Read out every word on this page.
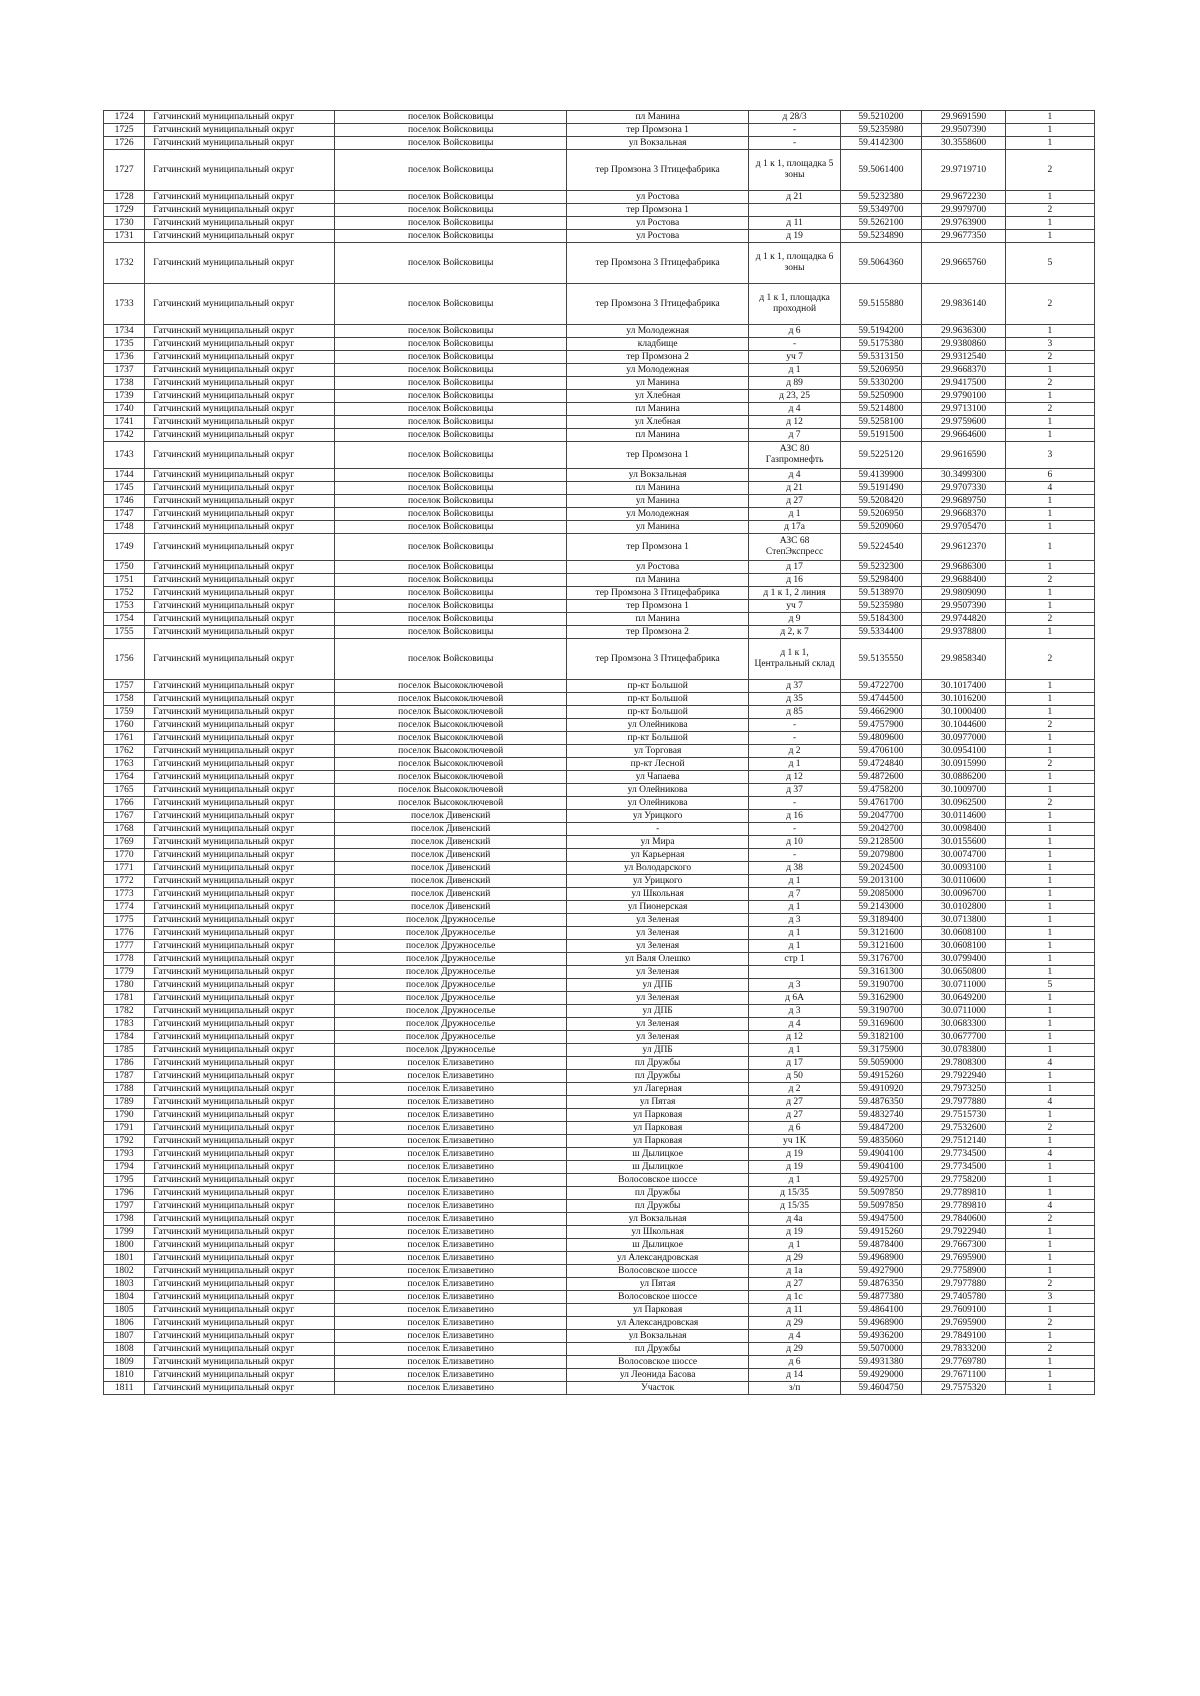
1724	Гатчинский муниципальный округ	поселок Войсковицы	пл Манина	д 28/3	59.5210200	29.9691590	1
1725	Гатчинский муниципальный округ	поселок Войсковицы	тер Промзона 1	-	59.5235980	29.9507390	1
1726	Гатчинский муниципальный округ	поселок Войсковицы	ул Вокзальная	-	59.4142300	30.3558600	1
1727	Гатчинский муниципальный округ	поселок Войсковицы	тер Промзона 3 Птицефабрика	д 1 к 1, площадка 5 зоны	59.5061400	29.9719710	2
1728	Гатчинский муниципальный округ	поселок Войсковицы	ул Ростова	д 21	59.5232380	29.9672230	1
1729	Гатчинский муниципальный округ	поселок Войсковицы	тер Промзона 1		59.5349700	29.9979700	2
1730	Гатчинский муниципальный округ	поселок Войсковицы	ул Ростова	д 11	59.5262100	29.9763900	1
1731	Гатчинский муниципальный округ	поселок Войсковицы	ул Ростова	д 19	59.5234890	29.9677350	1
1732	Гатчинский муниципальный округ	поселок Войсковицы	тер Промзона 3 Птицефабрика	д 1 к 1, площадка 6 зоны	59.5064360	29.9665760	5
1733	Гатчинский муниципальный округ	поселок Войсковицы	тер Промзона 3 Птицефабрика	д 1 к 1, площадка проходной	59.5155880	29.9836140	2
1734	Гатчинский муниципальный округ	поселок Войсковицы	ул Молодежная	д 6	59.5194200	29.9636300	1
1735	Гатчинский муниципальный округ	поселок Войсковицы	кладбище	-	59.5175380	29.9380860	3
1736	Гатчинский муниципальный округ	поселок Войсковицы	тер Промзона 2	уч 7	59.5313150	29.9312540	2
1737	Гатчинский муниципальный округ	поселок Войсковицы	ул Молодежная	д 1	59.5206950	29.9668370	1
1738	Гатчинский муниципальный округ	поселок Войсковицы	ул Манина	д 89	59.5330200	29.9417500	2
1739	Гатчинский муниципальный округ	поселок Войсковицы	ул Хлебная	д 23, 25	59.5250900	29.9790100	1
1740	Гатчинский муниципальный округ	поселок Войсковицы	пл Манина	д 4	59.5214800	29.9713100	2
1741	Гатчинский муниципальный округ	поселок Войсковицы	ул Хлебная	д 12	59.5258100	29.9759600	1
1742	Гатчинский муниципальный округ	поселок Войсковицы	пл Манина	д 7	59.5191500	29.9664600	1
1743	Гатчинский муниципальный округ	поселок Войсковицы	тер Промзона 1	АЗС 80 Газпромнефть	59.5225120	29.9616590	3
1744	Гатчинский муниципальный округ	поселок Войсковицы	ул Вокзальная	д 4	59.4139900	30.3499300	6
1745	Гатчинский муниципальный округ	поселок Войсковицы	пл Манина	д 21	59.5191490	29.9707330	4
1746	Гатчинский муниципальный округ	поселок Войсковицы	ул Манина	д 27	59.5208420	29.9689750	1
1747	Гатчинский муниципальный округ	поселок Войсковицы	ул Молодежная	д 1	59.5206950	29.9668370	1
1748	Гатчинский муниципальный округ	поселок Войсковицы	ул Манина	д 17а	59.5209060	29.9705470	1
1749	Гатчинский муниципальный округ	поселок Войсковицы	тер Промзона 1	АЗС 68 СтепЭкспресс	59.5224540	29.9612370	1
1750	Гатчинский муниципальный округ	поселок Войсковицы	ул Ростова	д 17	59.5232300	29.9686300	1
1751	Гатчинский муниципальный округ	поселок Войсковицы	пл Манина	д 16	59.5298400	29.9688400	2
1752	Гатчинский муниципальный округ	поселок Войсковицы	тер Промзона 3 Птицефабрика	д 1 к 1, 2 линия	59.5138970	29.9809090	1
1753	Гатчинский муниципальный округ	поселок Войсковицы	тер Промзона 1	уч 7	59.5235980	29.9507390	1
1754	Гатчинский муниципальный округ	поселок Войсковицы	пл Манина	д 9	59.5184300	29.9744820	2
1755	Гатчинский муниципальный округ	поселок Войсковицы	тер Промзона 2	д 2, к 7	59.5334400	29.9378800	1
1756	Гатчинский муниципальный округ	поселок Войсковицы	тер Промзона 3 Птицефабрика	д 1 к 1, Центральный склад	59.5135550	29.9858340	2
1757	Гатчинский муниципальный округ	поселок Высокоключевой	пр-кт Большой	д 37	59.4722700	30.1017400	1
1758	Гатчинский муниципальный округ	поселок Высокоключевой	пр-кт Большой	д 35	59.4744500	30.1016200	1
1759	Гатчинский муниципальный округ	поселок Высокоключевой	пр-кт Большой	д 85	59.4662900	30.1000400	1
1760	Гатчинский муниципальный округ	поселок Высокоключевой	ул Олейникова	-	59.4757900	30.1044600	2
1761	Гатчинский муниципальный округ	поселок Высокоключевой	пр-кт Большой	-	59.4809600	30.0977000	1
1762	Гатчинский муниципальный округ	поселок Высокоключевой	ул Торговая	д 2	59.4706100	30.0954100	1
1763	Гатчинский муниципальный округ	поселок Высокоключевой	пр-кт Лесной	д 1	59.4724840	30.0915990	2
1764	Гатчинский муниципальный округ	поселок Высокоключевой	ул Чапаева	д 12	59.4872600	30.0886200	1
1765	Гатчинский муниципальный округ	поселок Высокоключевой	ул Олейникова	д 37	59.4758200	30.1009700	1
1766	Гатчинский муниципальный округ	поселок Высокоключевой	ул Олейникова	-	59.4761700	30.0962500	2
1767	Гатчинский муниципальный округ	поселок Дивенский	ул Урицкого	д 16	59.2047700	30.0114600	1
1768	Гатчинский муниципальный округ	поселок Дивенский	-	-	59.2042700	30.0098400	1
1769	Гатчинский муниципальный округ	поселок Дивенский	ул Мира	д 10	59.2128500	30.0155600	1
1770	Гатчинский муниципальный округ	поселок Дивенский	ул Карьерная	-	59.2079800	30.0074700	1
1771	Гатчинский муниципальный округ	поселок Дивенский	ул Володарского	д 38	59.2024500	30.0093100	1
1772	Гатчинский муниципальный округ	поселок Дивенский	ул Урицкого	д 1	59.2013100	30.0110600	1
1773	Гатчинский муниципальный округ	поселок Дивенский	ул Школьная	д 7	59.2085000	30.0096700	1
1774	Гатчинский муниципальный округ	поселок Дивенский	ул Пионерская	д 1	59.2143000	30.0102800	1
1775	Гатчинский муниципальный округ	поселок Дружноселье	ул Зеленая	д 3	59.3189400	30.0713800	1
1776	Гатчинский муниципальный округ	поселок Дружноселье	ул Зеленая	д 1	59.3121600	30.0608100	1
1777	Гатчинский муниципальный округ	поселок Дружноселье	ул Зеленая	д 1	59.3121600	30.0608100	1
1778	Гатчинский муниципальный округ	поселок Дружноселье	ул Валя Олешко	стр 1	59.3176700	30.0799400	1
1779	Гатчинский муниципальный округ	поселок Дружноселье	ул Зеленая		59.3161300	30.0650800	1
1780	Гатчинский муниципальный округ	поселок Дружноселье	ул ДПБ	д 3	59.3190700	30.0711000	5
1781	Гатчинский муниципальный округ	поселок Дружноселье	ул Зеленая	д 6А	59.3162900	30.0649200	1
1782	Гатчинский муниципальный округ	поселок Дружноселье	ул ДПБ	д 3	59.3190700	30.0711000	1
1783	Гатчинский муниципальный округ	поселок Дружноселье	ул Зеленая	д 4	59.3169600	30.0683300	1
1784	Гатчинский муниципальный округ	поселок Дружноселье	ул Зеленая	д 12	59.3182100	30.0677700	1
1785	Гатчинский муниципальный округ	поселок Дружноселье	ул ДПБ	д 1	59.3175900	30.0783800	1
1786	Гатчинский муниципальный округ	поселок Елизаветино	пл Дружбы	д 17	59.5059000	29.7808300	4
1787	Гатчинский муниципальный округ	поселок Елизаветино	пл Дружбы	д 50	59.4915260	29.7922940	1
1788	Гатчинский муниципальный округ	поселок Елизаветино	ул Лагерная	д 2	59.4910920	29.7973250	1
1789	Гатчинский муниципальный округ	поселок Елизаветино	ул Пятая	д 27	59.4876350	29.7977880	4
1790	Гатчинский муниципальный округ	поселок Елизаветино	ул Парковая	д 27	59.4832740	29.7515730	1
1791	Гатчинский муниципальный округ	поселок Елизаветино	ул Парковая	д 6	59.4847200	29.7532600	2
1792	Гатчинский муниципальный округ	поселок Елизаветино	ул Парковая	уч 1К	59.4835060	29.7512140	1
1793	Гатчинский муниципальный округ	поселок Елизаветино	ш Дылицкое	д 19	59.4904100	29.7734500	4
1794	Гатчинский муниципальный округ	поселок Елизаветино	ш Дылицкое	д 19	59.4904100	29.7734500	1
1795	Гатчинский муниципальный округ	поселок Елизаветино	Волосовское шоссе	д 1	59.4925700	29.7758200	1
1796	Гатчинский муниципальный округ	поселок Елизаветино	пл Дружбы	д 15/35	59.5097850	29.7789810	1
1797	Гатчинский муниципальный округ	поселок Елизаветино	пл Дружбы	д 15/35	59.5097850	29.7789810	4
1798	Гатчинский муниципальный округ	поселок Елизаветино	ул Вокзальная	д 4а	59.4947500	29.7840600	2
1799	Гатчинский муниципальный округ	поселок Елизаветино	ул Школьная	д 19	59.4915260	29.7922940	1
1800	Гатчинский муниципальный округ	поселок Елизаветино	ш Дылицкое	д 1	59.4878400	29.7667300	1
1801	Гатчинский муниципальный округ	поселок Елизаветино	ул Александровская	д 29	59.4968900	29.7695900	1
1802	Гатчинский муниципальный округ	поселок Елизаветино	Волосовское шоссе	д 1а	59.4927900	29.7758900	1
1803	Гатчинский муниципальный округ	поселок Елизаветино	ул Пятая	д 27	59.4876350	29.7977880	2
1804	Гатчинский муниципальный округ	поселок Елизаветино	Волосовское шоссе	д 1с	59.4877380	29.7405780	3
1805	Гатчинский муниципальный округ	поселок Елизаветино	ул Парковая	д 11	59.4864100	29.7609100	1
1806	Гатчинский муниципальный округ	поселок Елизаветино	ул Александровская	д 29	59.4968900	29.7695900	2
1807	Гатчинский муниципальный округ	поселок Елизаветино	ул Вокзальная	д 4	59.4936200	29.7849100	1
1808	Гатчинский муниципальный округ	поселок Елизаветино	пл Дружбы	д 29	59.5070000	29.7833200	2
1809	Гатчинский муниципальный округ	поселок Елизаветино	Волосовское шоссе	д 6	59.4931380	29.7769780	1
1810	Гатчинский муниципальный округ	поселок Елизаветино	ул Леонида Басова	д 14	59.4929000	29.7671100	1
1811	Гатчинский муниципальный округ	поселок Елизаветино	Участок	з/п	59.4604750	29.7575320	1
